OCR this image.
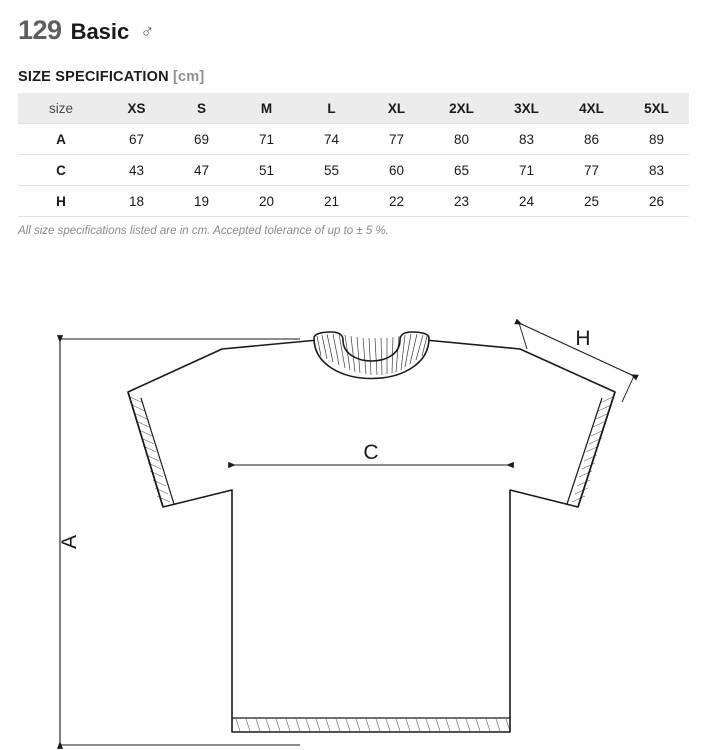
129 Basic ♂
SIZE SPECIFICATION [cm]
size	XS	S	M	L	XL	2XL	3XL	4XL	5XL
A	67	69	71	74	77	80	83	86	89
C	43	47	51	55	60	65	71	77	83
H	18	19	20	21	22	23	24	25	26
All size specifications listed are in cm. Accepted tolerance of up to ± 5 %.
A
C
H
